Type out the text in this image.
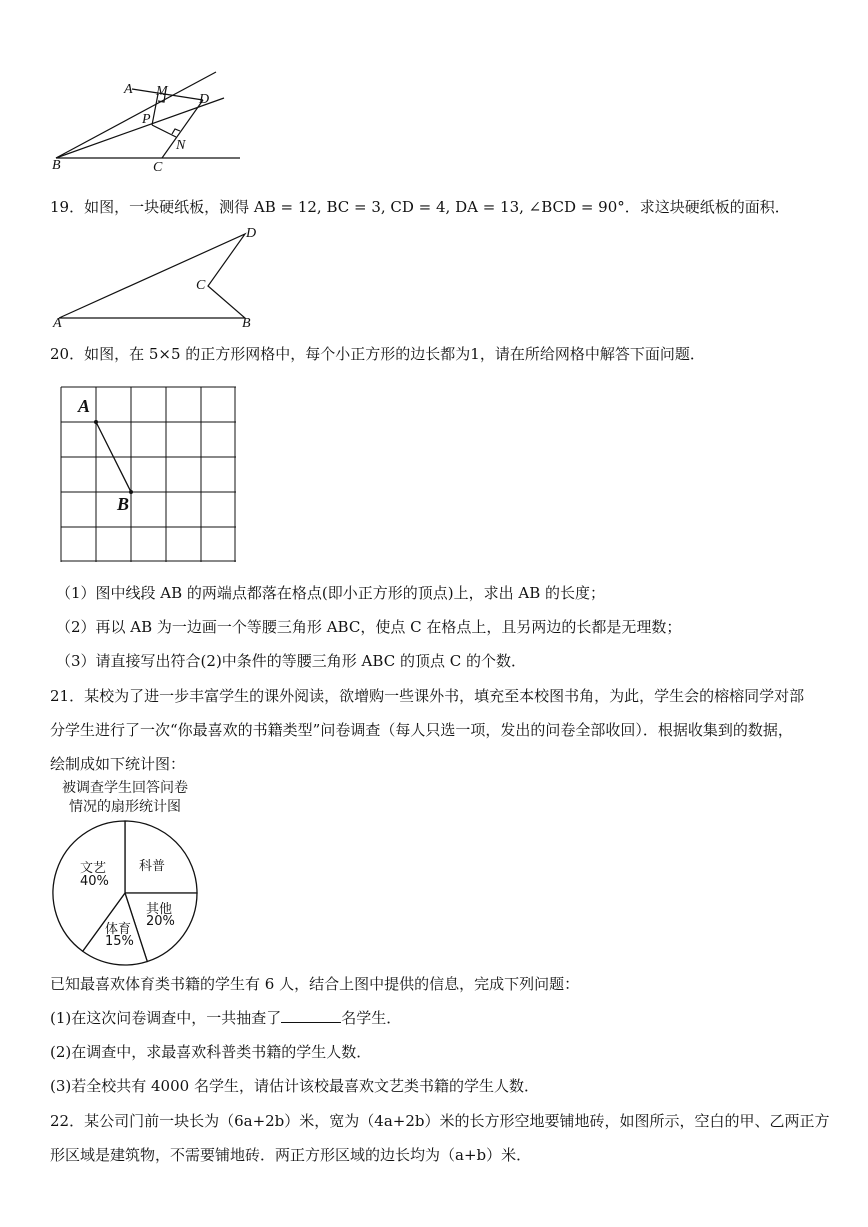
A M
D
P
N
B	C
19．如图，一块硬纸板，测得 AB = 12, BC = 3, CD = 4, DA = 13, ∠BCD = 90°．求这块硬纸板的面积．
A	B
C
D
20．如图，在 5×5 的正方形网格中，每个小正方形的边长都为1，请在所给网格中解答下面问题．
A
B
（1）图中线段 AB 的两端点都落在格点(即小正方形的顶点)上，求出 AB 的长度；
（2）再以 AB 为一边画一个等腰三角形 ABC，使点 C 在格点上，且另两边的长都是无理数；
（3）请直接写出符合(2)中条件的等腰三角形 ABC 的顶点 C 的个数．
21．某校为了进一步丰富学生的课外阅读，欲增购一些课外书，填充至本校图书角，为此，学生会的榕榕同学对部
分学生进行了一次“你最喜欢的书籍类型”问卷调查（每人只选一项，发出的问卷全部收回）．根据收集到的数据，
绘制成如下统计图：
被调查学生回答问卷
情况的扇形统计图
文艺
40%
科普
其他
20%
体育
15%
已知最喜欢体育类书籍的学生有 6 人，结合上图中提供的信息，完成下列问题：
(1)在这次问卷调查中，一共抽查了	名学生．
(2)在调查中，求最喜欢科普类书籍的学生人数．
(3)若全校共有 4000 名学生，请估计该校最喜欢文艺类书籍的学生人数．
22．某公司门前一块长为（6a+2b）米，宽为（4a+2b）米的长方形空地要铺地砖，如图所示，空白的甲、乙两正方
形区域是建筑物，不需要铺地砖．两正方形区域的边长均为（a+b）米．
